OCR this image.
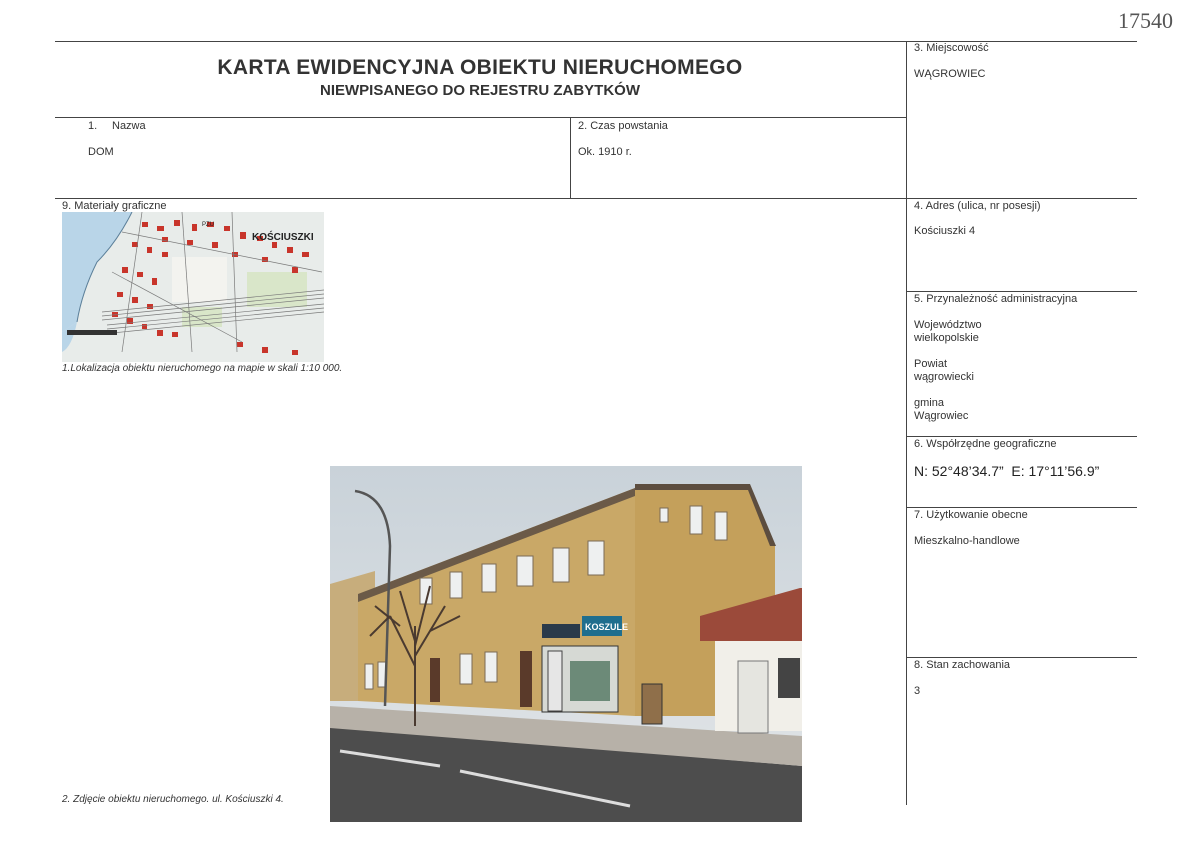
17540
KARTA EWIDENCYJNA OBIEKTU NIERUCHOMEGO
NIEWPISANEGO DO REJESTRU ZABYTKÓW
3. Miejscowość
WĄGROWIEC
1. Nazwa
DOM
2. Czas powstania
Ok. 1910 r.
9. Materiały graficzne
KOŚCIUSZKI
PZU
1.Lokalizacja obiektu nieruchomego na mapie w skali 1:10 000.
KOSZULE
2. Zdjęcie obiektu nieruchomego. ul. Kościuszki 4.
4. Adres (ulica, nr posesji)
Kościuszki 4
5. Przynależność administracyjna
Województwo
wielkopolskie
Powiat
wągrowiecki
gmina
Wągrowiec
6. Współrzędne geograficzne
N: 52°48’34.7”  E: 17°11’56.9”
7. Użytkowanie obecne
Mieszkalno-handlowe
8. Stan zachowania
3
